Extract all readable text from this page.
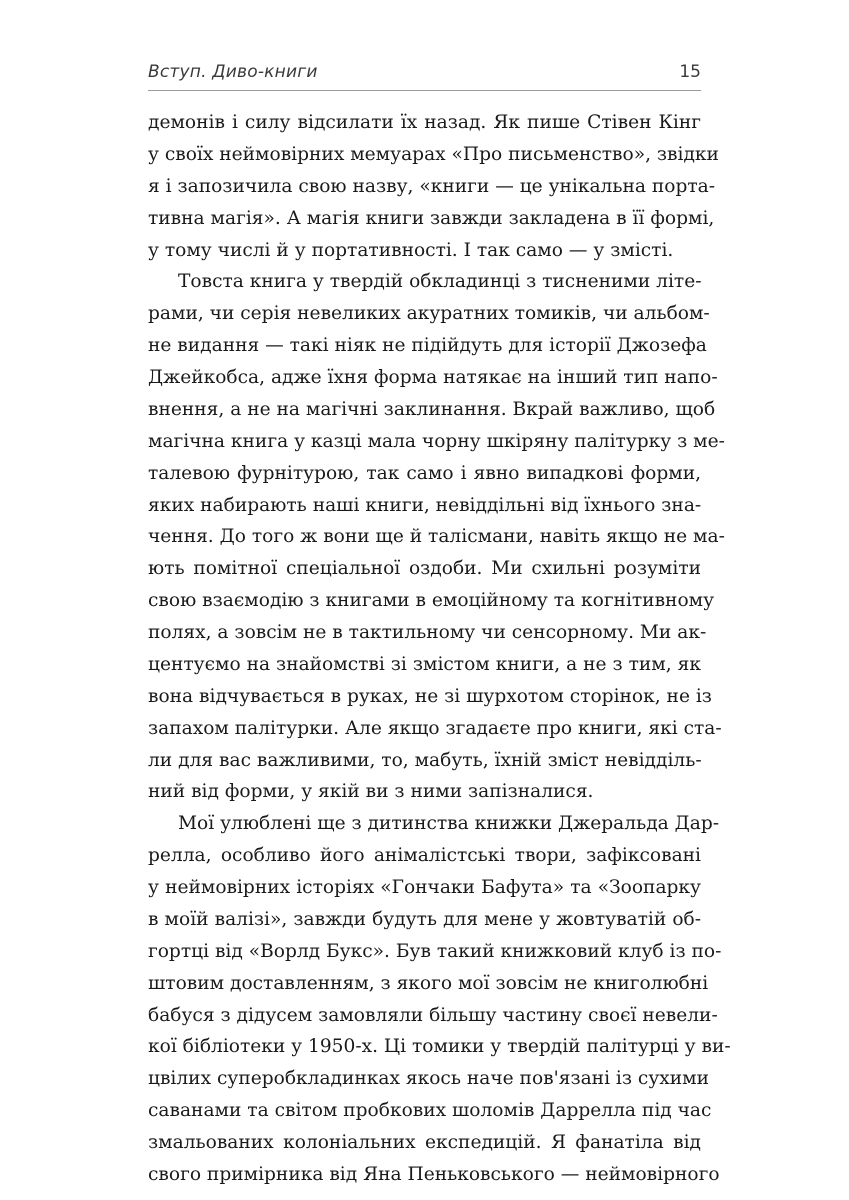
Вступ. Диво-книги	15
демонів і силу відсилати їх назад. Як пише Стівен Кінг
у своїх неймовірних мемуарах «Про письменство», звідки
я і запозичила свою назву, «книги — це унікальна порта-
тивна магія». А магія книги завжди закладена в її формі,
у тому числі й у портативності. І так само — у змісті.
Товста книга у твердій обкладинці з тисненими літе-
рами, чи серія невеликих акуратних томиків, чи альбом-
не видання — такі ніяк не підійдуть для історії Джозефа
Джейкобса, адже їхня форма натякає на інший тип напо-
внення, а не на магічні заклинання. Вкрай важливо, щоб
магічна книга у казці мала чорну шкіряну палітурку з ме-
талевою фурнітурою, так само і явно випадкові форми,
яких набирають наші книги, невіддільні від їхнього зна-
чення. До того ж вони ще й талісмани, навіть якщо не ма-
ють помітної спеціальної оздоби. Ми схильні розуміти
свою взаємодію з книгами в емоційному та когнітивному
полях, а зовсім не в тактильному чи сенсорному. Ми ак-
центуємо на знайомстві зі змістом книги, а не з тим, як
вона відчувається в руках, не зі шурхотом сторінок, не із
запахом палітурки. Але якщо згадаєте про книги, які ста-
ли для вас важливими, то, мабуть, їхній зміст невідділь-
ний від форми, у якій ви з ними запізналися.
Мої улюблені ще з дитинства книжки Джеральда Дар-
релла, особливо його анімалістські твори, зафіксовані
у неймовірних історіях «Гончаки Бафута» та «Зоопарку
в моїй валізі», завжди будуть для мене у жовтуватій об-
гортці від «Ворлд Букс». Був такий книжковий клуб із по-
штовим доставленням, з якого мої зовсім не книголюбні
бабуся з дідусем замовляли більшу частину своєї невели-
кої бібліотеки у 1950-х. Ці томики у твердій палітурці у ви-
цвілих суперобкладинках якось наче пов'язані із сухими
саванами та світом пробкових шоломів Даррелла під час
змальованих колоніальних експедицій. Я фанатіла від
свого примірника від Яна Пеньковського — неймовірного
